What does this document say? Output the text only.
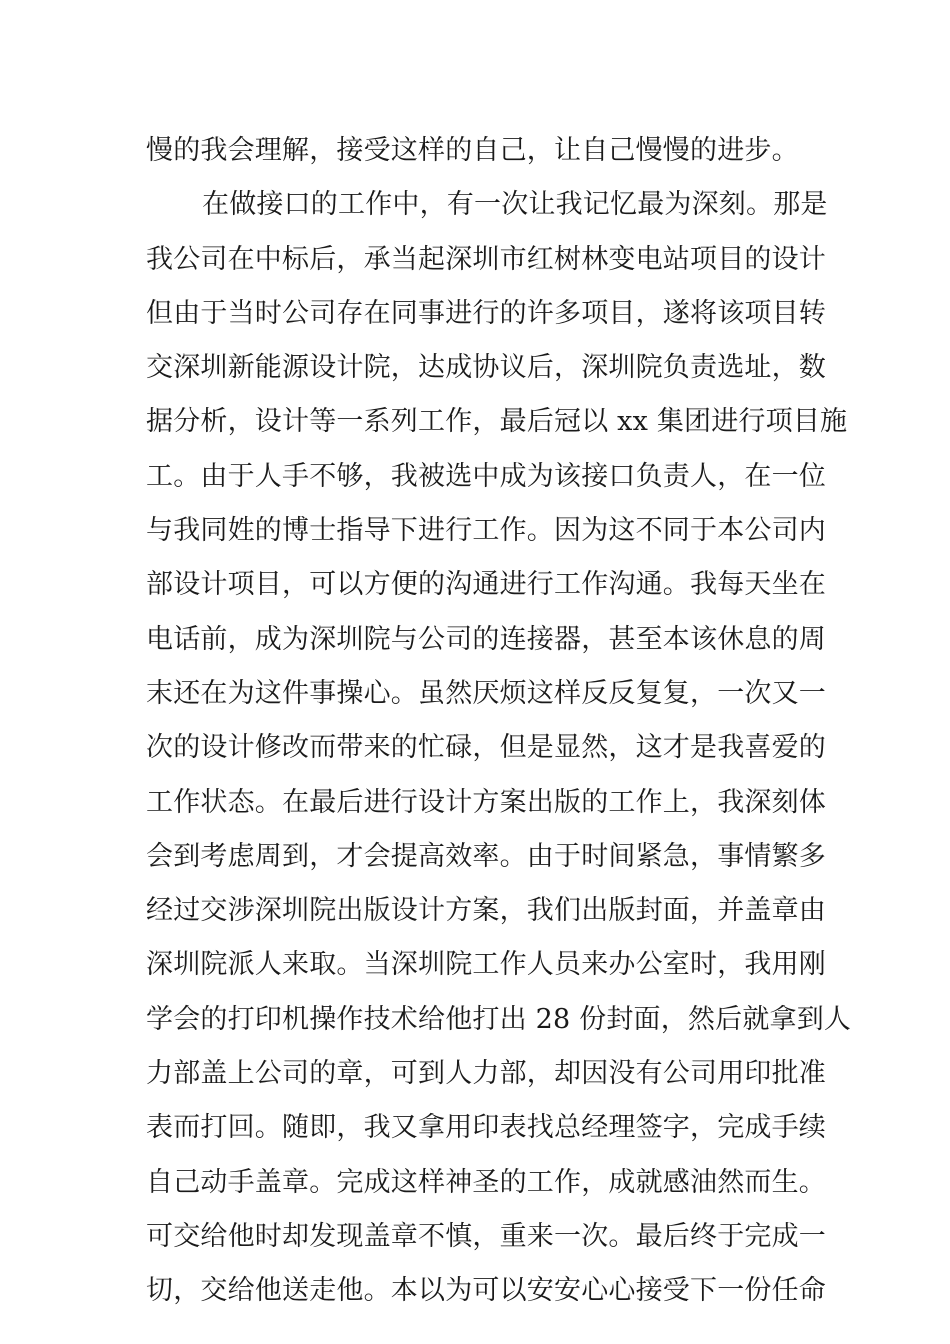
慢的我会理解，接受这样的自己，让自己慢慢的进步。
在做接口的工作中，有一次让我记忆最为深刻。那是
我公司在中标后，承当起深圳市红树林变电站项目的设计
但由于当时公司存在同事进行的许多项目，遂将该项目转
交深圳新能源设计院，达成协议后，深圳院负责选址，数
据分析，设计等一系列工作，最后冠以 xx 集团进行项目施
工。由于人手不够，我被选中成为该接口负责人，在一位
与我同姓的博士指导下进行工作。因为这不同于本公司内
部设计项目，可以方便的沟通进行工作沟通。我每天坐在
电话前，成为深圳院与公司的连接器，甚至本该休息的周
末还在为这件事操心。虽然厌烦这样反反复复，一次又一
次的设计修改而带来的忙碌，但是显然，这才是我喜爱的
工作状态。在最后进行设计方案出版的工作上，我深刻体
会到考虑周到，才会提高效率。由于时间紧急，事情繁多
经过交涉深圳院出版设计方案，我们出版封面，并盖章由
深圳院派人来取。当深圳院工作人员来办公室时，我用刚
学会的打印机操作技术给他打出 28 份封面，然后就拿到人
力部盖上公司的章，可到人力部，却因没有公司用印批准
表而打回。随即，我又拿用印表找总经理签字，完成手续
自己动手盖章。完成这样神圣的工作，成就感油然而生。
可交给他时却发现盖章不慎，重来一次。最后终于完成一
切，交给他送走他。本以为可以安安心心接受下一份任命
